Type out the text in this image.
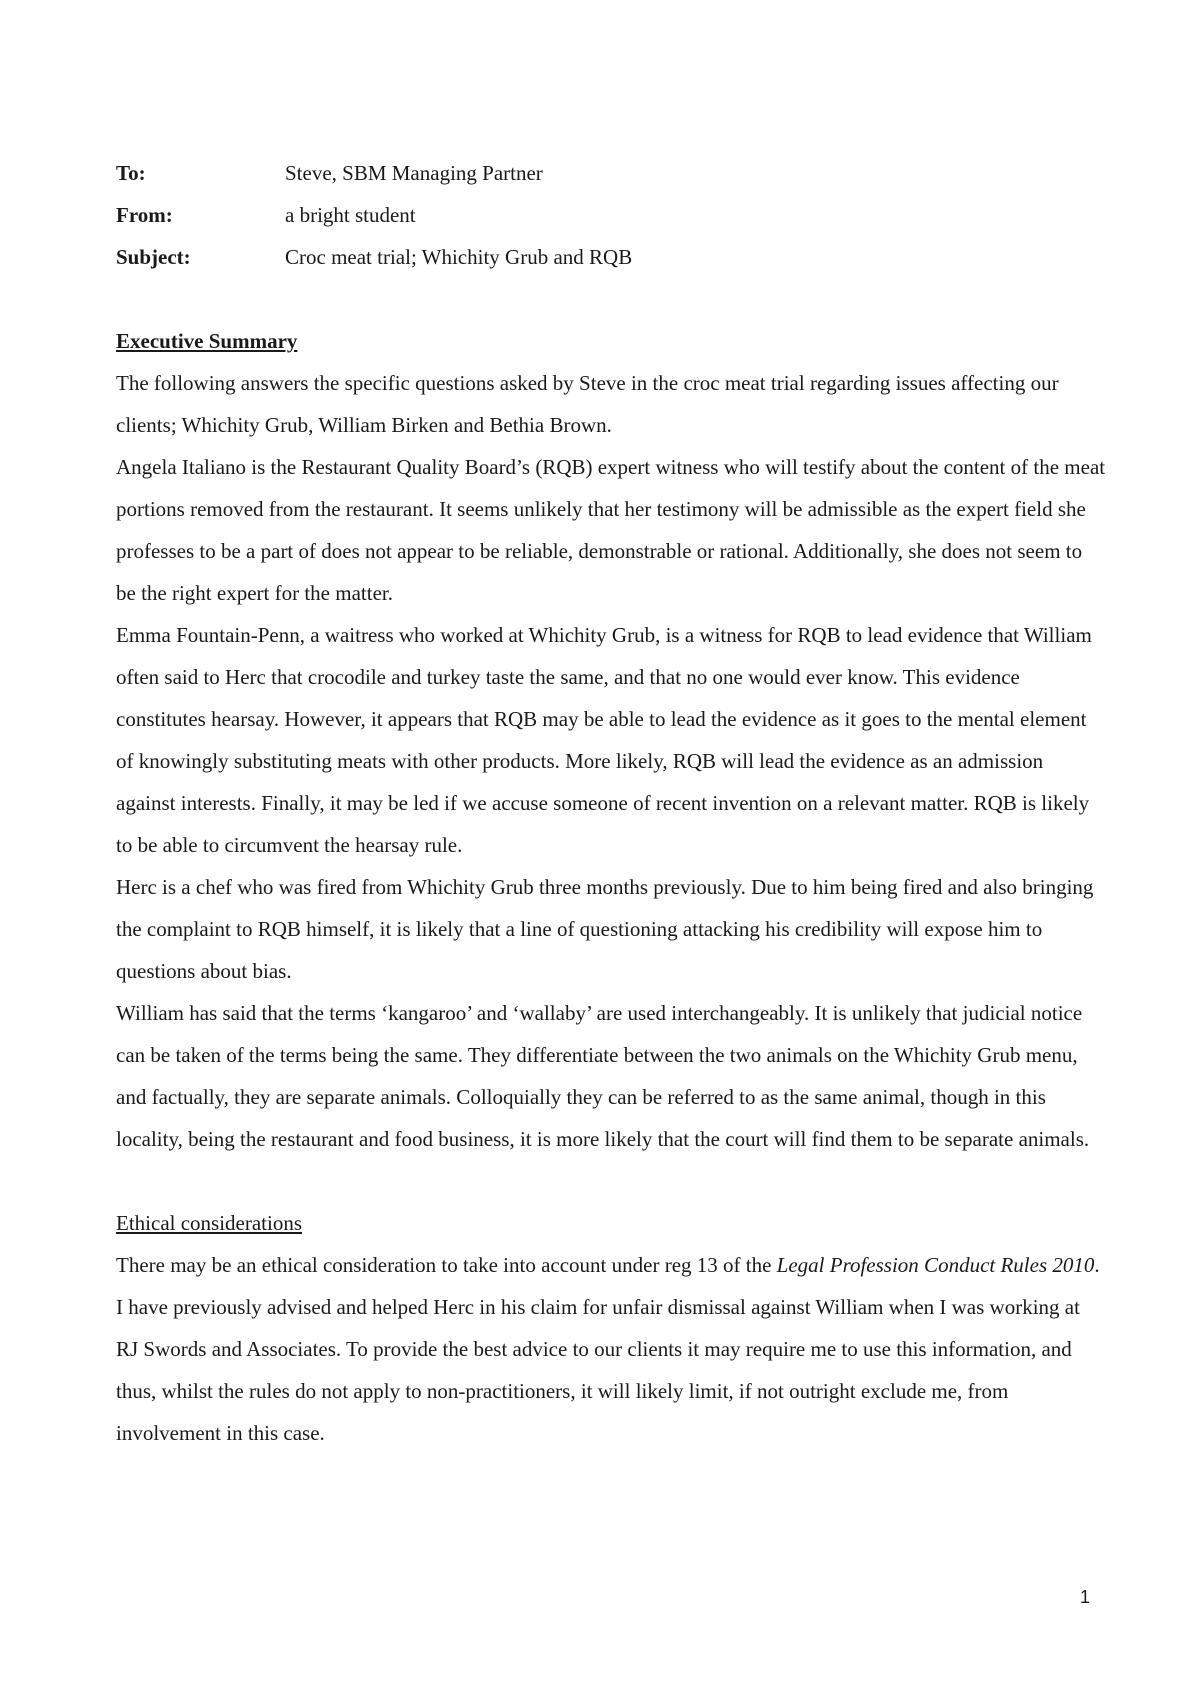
To:	Steve, SBM Managing Partner
From:	a bright student
Subject:	Croc meat trial; Whichity Grub and RQB
Executive Summary

The following answers the specific questions asked by Steve in the croc meat trial regarding issues affecting our clients; Whichity Grub, William Birken and Bethia Brown.

Angela Italiano is the Restaurant Quality Board’s (RQB) expert witness who will testify about the content of the meat portions removed from the restaurant. It seems unlikely that her testimony will be admissible as the expert field she professes to be a part of does not appear to be reliable, demonstrable or rational. Additionally, she does not seem to be the right expert for the matter.

Emma Fountain-Penn, a waitress who worked at Whichity Grub, is a witness for RQB to lead evidence that William often said to Herc that crocodile and turkey taste the same, and that no one would ever know. This evidence constitutes hearsay. However, it appears that RQB may be able to lead the evidence as it goes to the mental element of knowingly substituting meats with other products. More likely, RQB will lead the evidence as an admission against interests. Finally, it may be led if we accuse someone of recent invention on a relevant matter. RQB is likely to be able to circumvent the hearsay rule.

Herc is a chef who was fired from Whichity Grub three months previously. Due to him being fired and also bringing the complaint to RQB himself, it is likely that a line of questioning attacking his credibility will expose him to questions about bias.

William has said that the terms ‘kangaroo’ and ‘wallaby’ are used interchangeably. It is unlikely that judicial notice can be taken of the terms being the same. They differentiate between the two animals on the Whichity Grub menu, and factually, they are separate animals. Colloquially they can be referred to as the same animal, though in this locality, being the restaurant and food business, it is more likely that the court will find them to be separate animals.

Ethical considerations

There may be an ethical consideration to take into account under reg 13 of the Legal Profession Conduct Rules 2010. I have previously advised and helped Herc in his claim for unfair dismissal against William when I was working at RJ Swords and Associates. To provide the best advice to our clients it may require me to use this information, and thus, whilst the rules do not apply to non-practitioners, it will likely limit, if not outright exclude me, from involvement in this case.

1
